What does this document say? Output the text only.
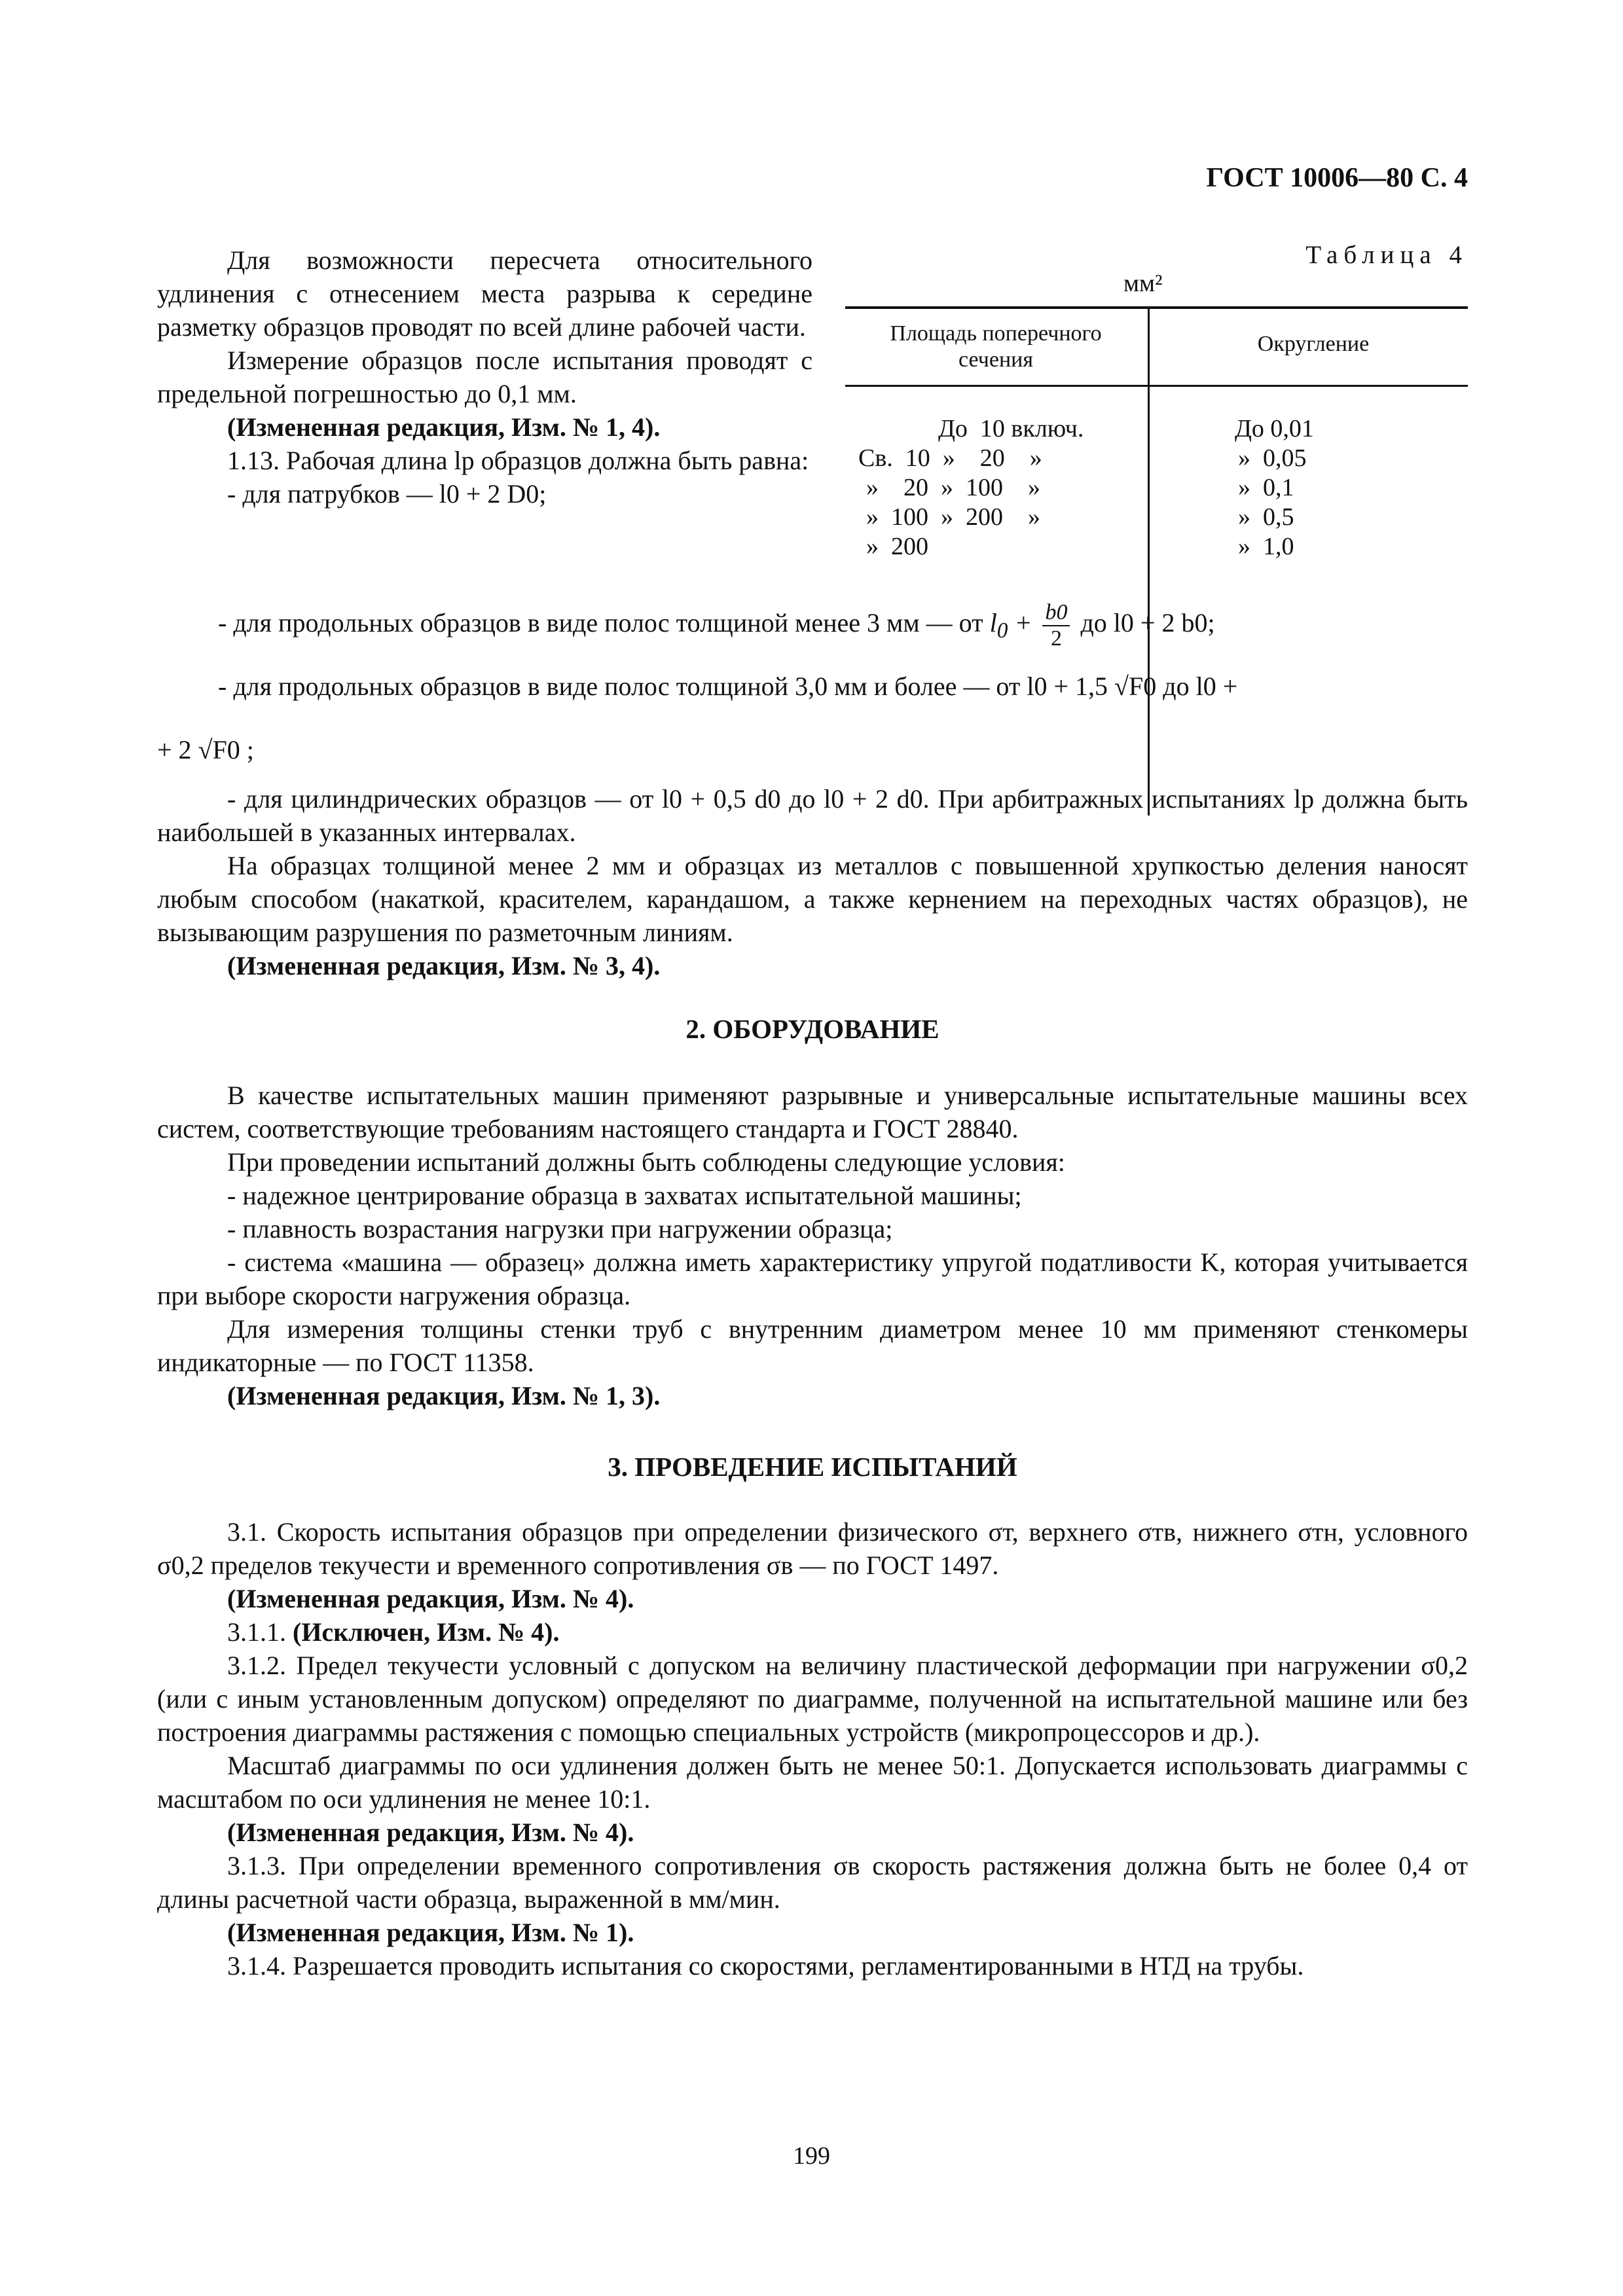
ГОСТ 10006—80 С. 4

Для возможности пересчета относительного удлинения с отнесением места разрыва к середине разметку образцов проводят по всей длине рабочей части.

Измерение образцов после испытания проводят с предельной погрешностью до 0,1 мм.

(Измененная редакция, Изм. № 1, 4).

1.13. Рабочая длина lр образцов должна быть равна:

- для патрубков — l0 + 2 D0;

Таблица 4
мм²
Площадь поперечного сечения
Округление
До  10 включ.	До 0,01
Св.  10  »    20    »	»  0,05
»    20  »  100    »	»  0,1
»  100  »  200    »	»  0,5
»  200	»  1,0
- для продольных образцов в виде полос толщиной менее 3 мм — от $l_0 + \frac{b0}{2}$ до l0 + 2 b0;
- для продольных образцов в виде полос толщиной 3,0 мм и более — от l0 + 1,5 √F0 до l0 +
+ 2 √F0 ;

- для цилиндрических образцов — от l0 + 0,5 d0 до l0 + 2 d0. При арбитражных испытаниях lр должна быть наибольшей в указанных интервалах.

На образцах толщиной менее 2 мм и образцах из металлов с повышенной хрупкостью деления наносят любым способом (накаткой, красителем, карандашом, а также кернением на переходных частях образцов), не вызывающим разрушения по разметочным линиям.

(Измененная редакция, Изм. № 3, 4).

2. ОБОРУДОВАНИЕ

В качестве испытательных машин применяют разрывные и универсальные испытательные машины всех систем, соответствующие требованиям настоящего стандарта и ГОСТ 28840.

При проведении испытаний должны быть соблюдены следующие условия:

- надежное центрирование образца в захватах испытательной машины;

- плавность возрастания нагрузки при нагружении образца;

- система «машина — образец» должна иметь характеристику упругой податливости K, которая учитывается при выборе скорости нагружения образца.

Для измерения толщины стенки труб с внутренним диаметром менее 10 мм применяют стенкомеры индикаторные — по ГОСТ 11358.

(Измененная редакция, Изм. № 1, 3).

3. ПРОВЕДЕНИЕ ИСПЫТАНИЙ

3.1. Скорость испытания образцов при определении физического σт, верхнего σтв, нижнего σтн, условного σ0,2 пределов текучести и временного сопротивления σв — по ГОСТ 1497.

(Измененная редакция, Изм. № 4).

3.1.1. (Исключен, Изм. № 4).

3.1.2. Предел текучести условный с допуском на величину пластической деформации при нагружении σ0,2 (или с иным установленным допуском) определяют по диаграмме, полученной на испытательной машине или без построения диаграммы растяжения с помощью специальных устройств (микропроцессоров и др.).

Масштаб диаграммы по оси удлинения должен быть не менее 50:1. Допускается использовать диаграммы с масштабом по оси удлинения не менее 10:1.

(Измененная редакция, Изм. № 4).

3.1.3. При определении временного сопротивления σв скорость растяжения должна быть не более 0,4 от длины расчетной части образца, выраженной в мм/мин.

(Измененная редакция, Изм. № 1).

3.1.4. Разрешается проводить испытания со скоростями, регламентированными в НТД на трубы.

199
